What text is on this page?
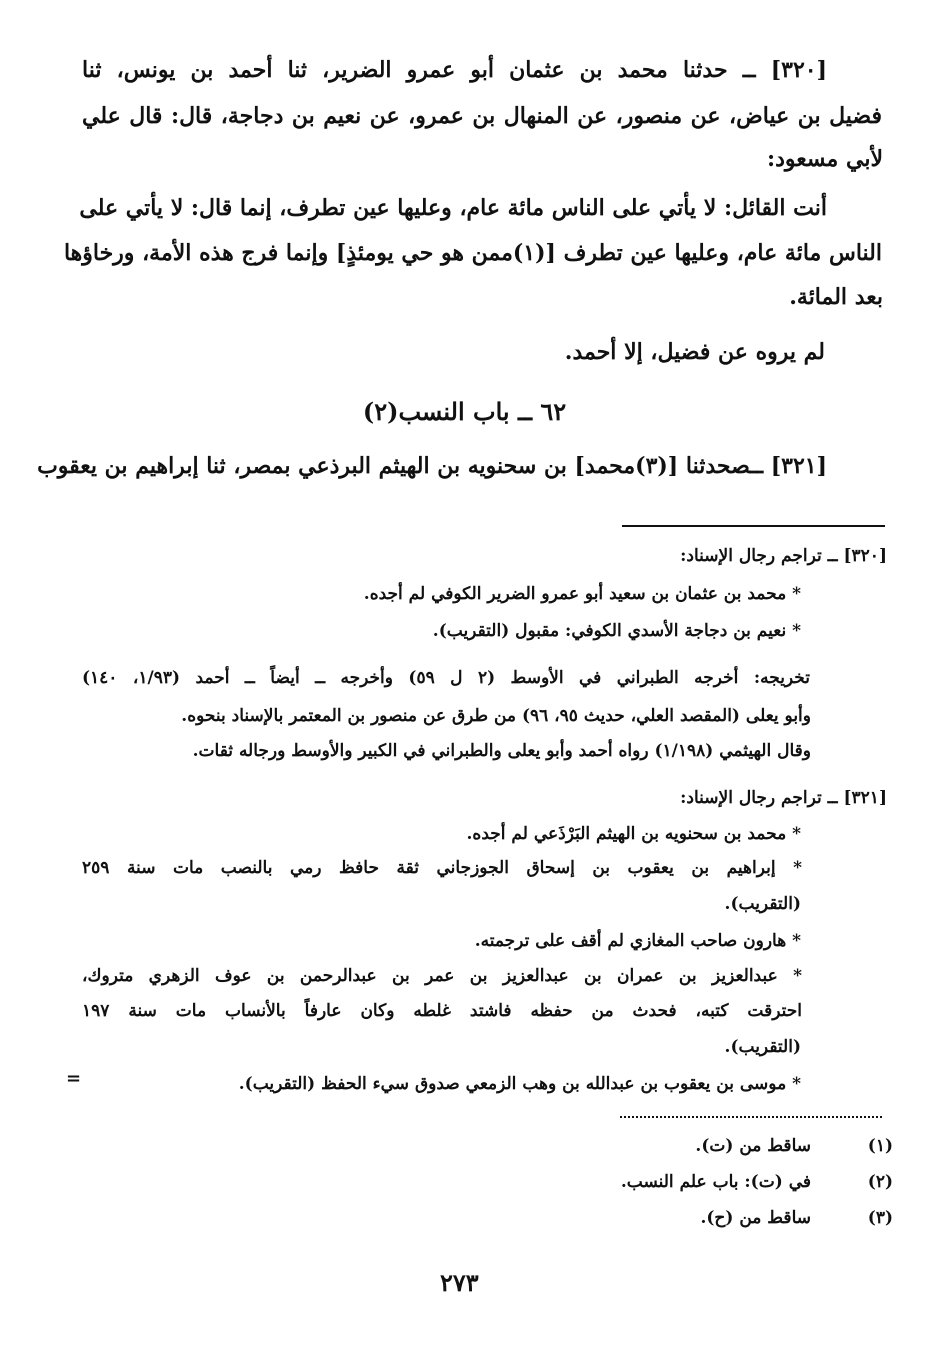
[٣٢٠] ــ حدثنا محمد بن عثمان أبو عمرو الضرير، ثنا أحمد بن يونس، ثنا
فضيل بن عياض، عن منصور، عن المنهال بن عمرو، عن نعيم بن دجاجة، قال: قال علي
لأبي مسعود:
أنت القائل: لا يأتي على الناس مائة عام، وعليها عين تطرف، إنما قال: لا يأتي على
الناس مائة عام، وعليها عين تطرف [(١)ممن هو حي يومئذٍ] وإنما فرج هذه الأمة، ورخاؤها
بعد المائة.
لم يروه عن فضيل، إلا أحمد.
٦٢ ــ باب النسب(٢)
[٣٢١] ــصحدثنا [(٣)محمد] بن سحنويه بن الهيثم البرذعي بمصر، ثنا إبراهيم بن يعقوب
[٣٢٠] ــ تراجم رجال الإسناد:
* محمد بن عثمان بن سعيد أبو عمرو الضرير الكوفي لم أجده.
* نعيم بن دجاجة الأسدي الكوفي: مقبول (التقريب).
تخريجه: أخرجه الطبراني في الأوسط (٢ ل ٥٩) وأخرجه ــ أيضاً ــ أحمد (١/٩٣، ١٤٠)
وأبو يعلى (المقصد العلي، حديث ٩٥، ٩٦) من طرق عن منصور بن المعتمر بالإسناد بنحوه.
وقال الهيثمي (١/١٩٨) رواه أحمد وأبو يعلى والطبراني في الكبير والأوسط ورجاله ثقات.
[٣٢١] ــ تراجم رجال الإسناد:
* محمد بن سحنويه بن الهيثم البَرْذَعي لم أجده.
* إبراهيم بن يعقوب بن إسحاق الجوزجاني ثقة حافظ رمي بالنصب مات سنة ٢٥٩
(التقريب).
* هارون صاحب المغازي لم أقف على ترجمته.
* عبدالعزيز بن عمران بن عبدالعزيز بن عمر بن عبدالرحمن بن عوف الزهري متروك،
احترقت كتبه، فحدث من حفظه فاشتد غلطه وكان عارفاً بالأنساب مات سنة ١٩٧
(التقريب).
* موسى بن يعقوب بن عبدالله بن وهب الزمعي صدوق سيء الحفظ (التقريب).
=
(١)
ساقط من (ت).
(٢)
في (ت): باب علم النسب.
(٣)
ساقط من (ح).
٢٧٣
